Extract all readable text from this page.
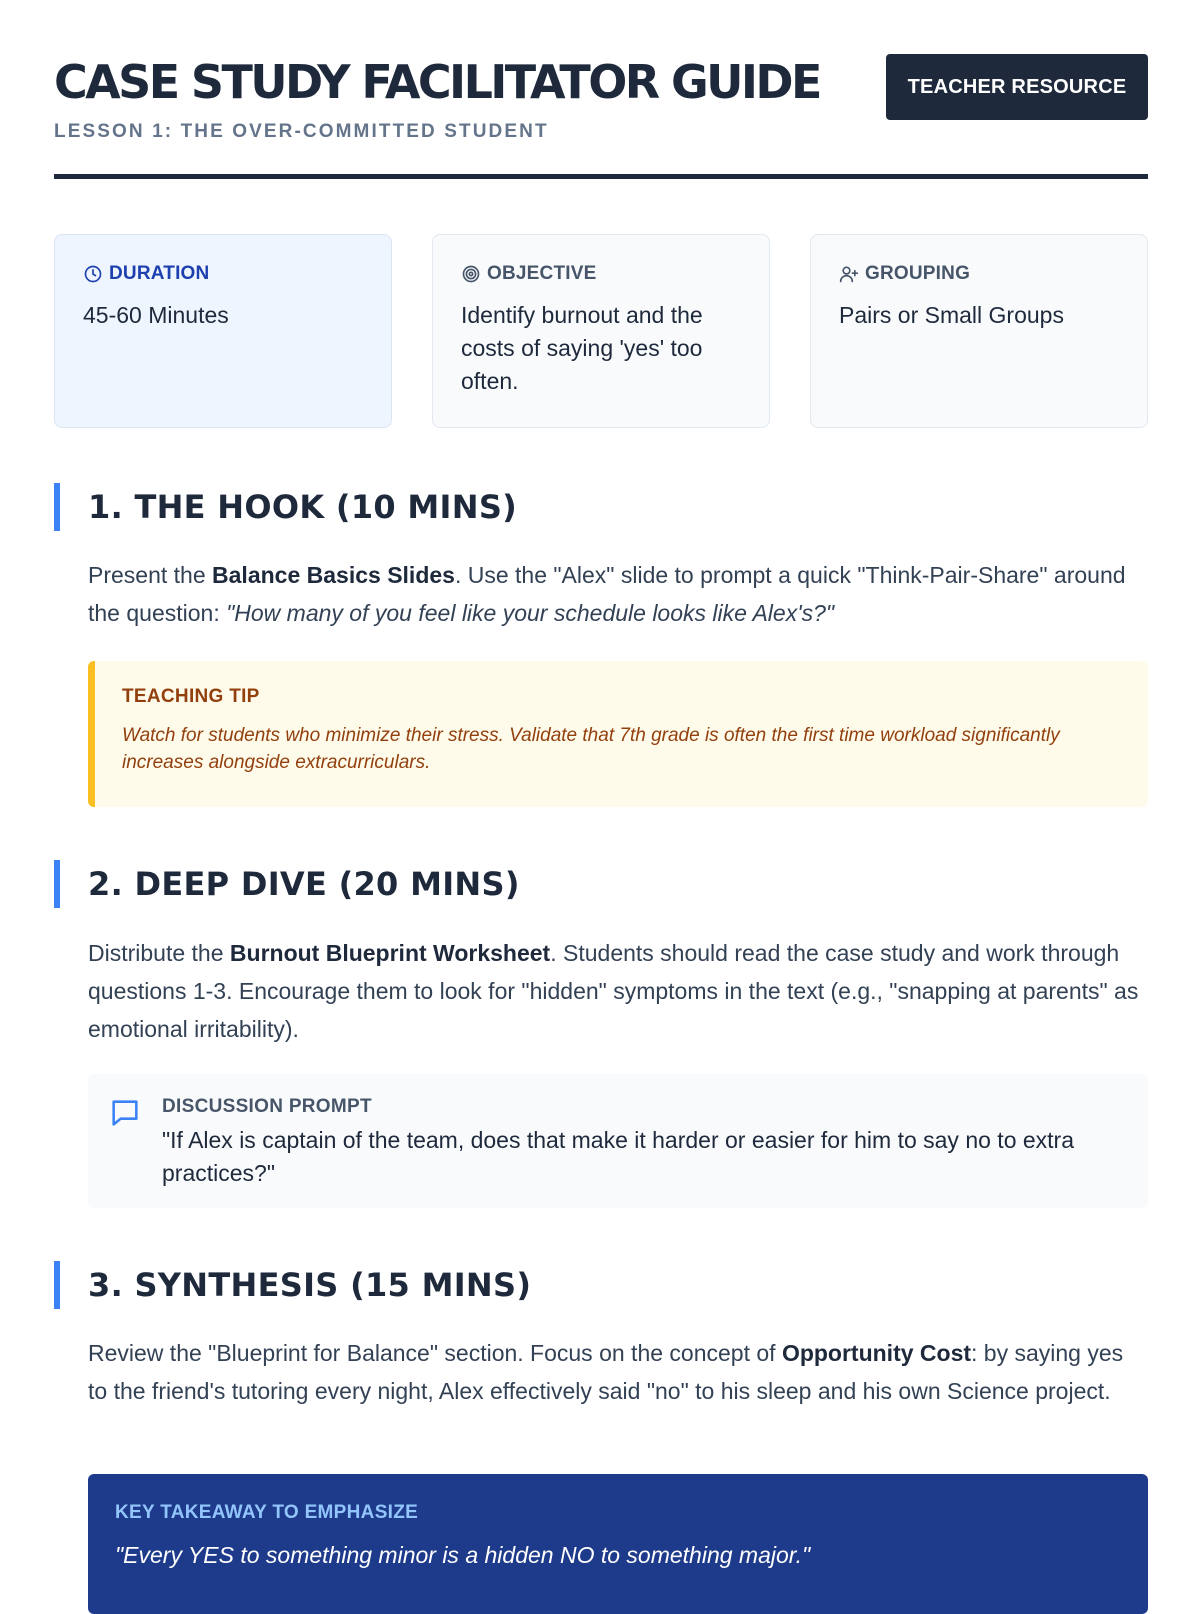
CASE STUDY FACILITATOR GUIDE	TEACHER RESOURCE
LESSON 1: THE OVER-COMMITTED STUDENT
DURATION
45-60 Minutes
OBJECTIVE
Identify burnout and the costs of saying 'yes' too often.
GROUPING
Pairs or Small Groups
1. THE HOOK (10 MINS)

Present the Balance Basics Slides. Use the "Alex" slide to prompt a quick "Think-Pair-Share" around the question: "How many of you feel like your schedule looks like Alex's?"

TEACHING TIP
Watch for students who minimize their stress. Validate that 7th grade is often the first time workload significantly increases alongside extracurriculars.
2. DEEP DIVE (20 MINS)

Distribute the Burnout Blueprint Worksheet. Students should read the case study and work through questions 1-3. Encourage them to look for "hidden" symptoms in the text (e.g., "snapping at parents" as emotional irritability).

DISCUSSION PROMPT
"If Alex is captain of the team, does that make it harder or easier for him to say no to extra practices?"
3. SYNTHESIS (15 MINS)

Review the "Blueprint for Balance" section. Focus on the concept of Opportunity Cost: by saying yes to the friend's tutoring every night, Alex effectively said "no" to his sleep and his own Science project.

KEY TAKEAWAY TO EMPHASIZE
"Every YES to something minor is a hidden NO to something major."
